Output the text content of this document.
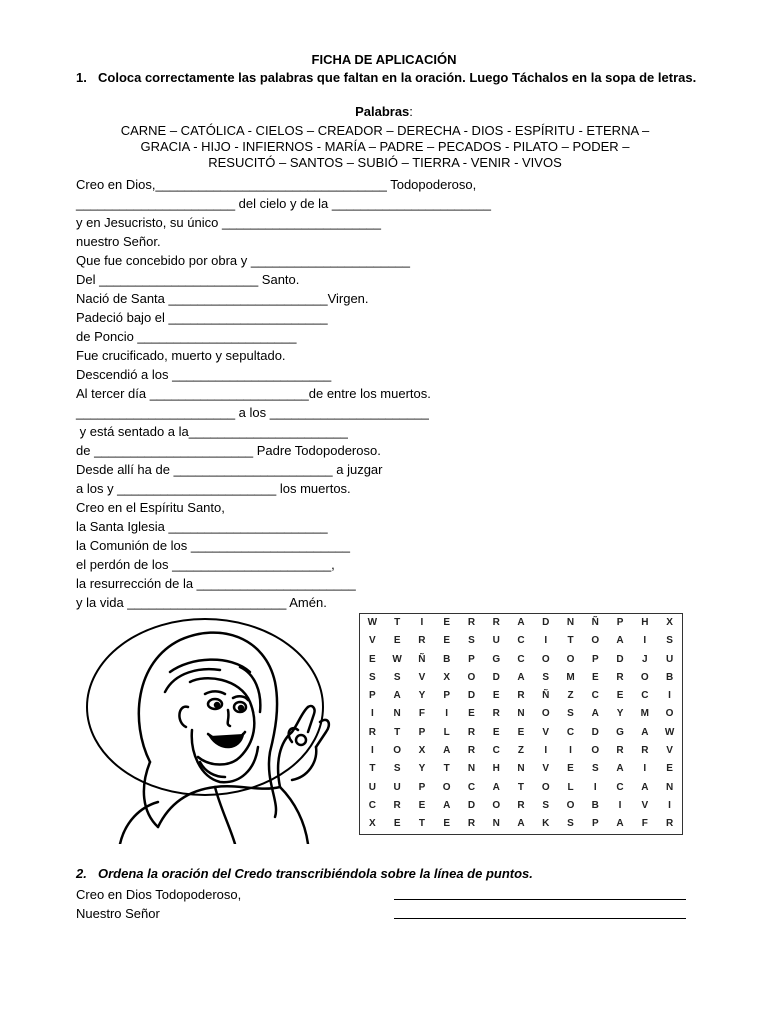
FICHA DE APLICACIÓN
1. Coloca correctamente las palabras que faltan en la oración. Luego Táchalos en la sopa de letras.
Palabras:
CARNE – CATÓLICA - CIELOS – CREADOR – DERECHA - DIOS - ESPÍRITU - ETERNA –
GRACIA - HIJO - INFIERNOS - MARÍA – PADRE – PECADOS - PILATO – PODER –
RESUCITÓ – SANTOS – SUBIÓ – TIERRA - VENIR - VIVOS
Creo en Dios,________________________________ Todopoderoso,
______________________ del cielo y de la ______________________
y en Jesucristo, su único ______________________
nuestro Señor.
Que fue concebido por obra y ______________________
Del ______________________ Santo.
Nació de Santa ______________________Virgen.
Padeció bajo el ______________________
de Poncio ______________________
Fue crucificado, muerto y sepultado.
Descendió a los ______________________
Al tercer día ______________________de entre los muertos.
______________________ a los ______________________
y está sentado a la______________________
de ______________________ Padre Todopoderoso.
Desde allí ha de ______________________ a juzgar
a los y ______________________ los muertos.
Creo en el Espíritu Santo,
la Santa Iglesia ______________________
la Comunión de los ______________________
el perdón de los ______________________,
la resurrección de la ______________________
y la vida ______________________ Amén.
W	T	I	E	R	R	A	D	N	Ñ	P	H	X
V	E	R	E	S	U	C	I	T	O	A	I	S
E	W	Ñ	B	P	G	C	O	O	P	D	J	U
S	S	V	X	O	D	A	S	M	E	R	O	B
P	A	Y	P	D	E	R	Ñ	Z	C	E	C	I
I	N	F	I	E	R	N	O	S	A	Y	M	O
R	T	P	L	R	E	E	V	C	D	G	A	W
I	O	X	A	R	C	Z	I	I	O	R	R	V
T	S	Y	T	N	H	N	V	E	S	A	I	E
U	U	P	O	C	A	T	O	L	I	C	A	N
C	R	E	A	D	O	R	S	O	B	I	V	I
X	E	T	E	R	N	A	K	S	P	A	F	R
2. Ordena la oración del Credo transcribiéndola sobre la línea de puntos.
Creo en Dios Todopoderoso,
Nuestro Señor
